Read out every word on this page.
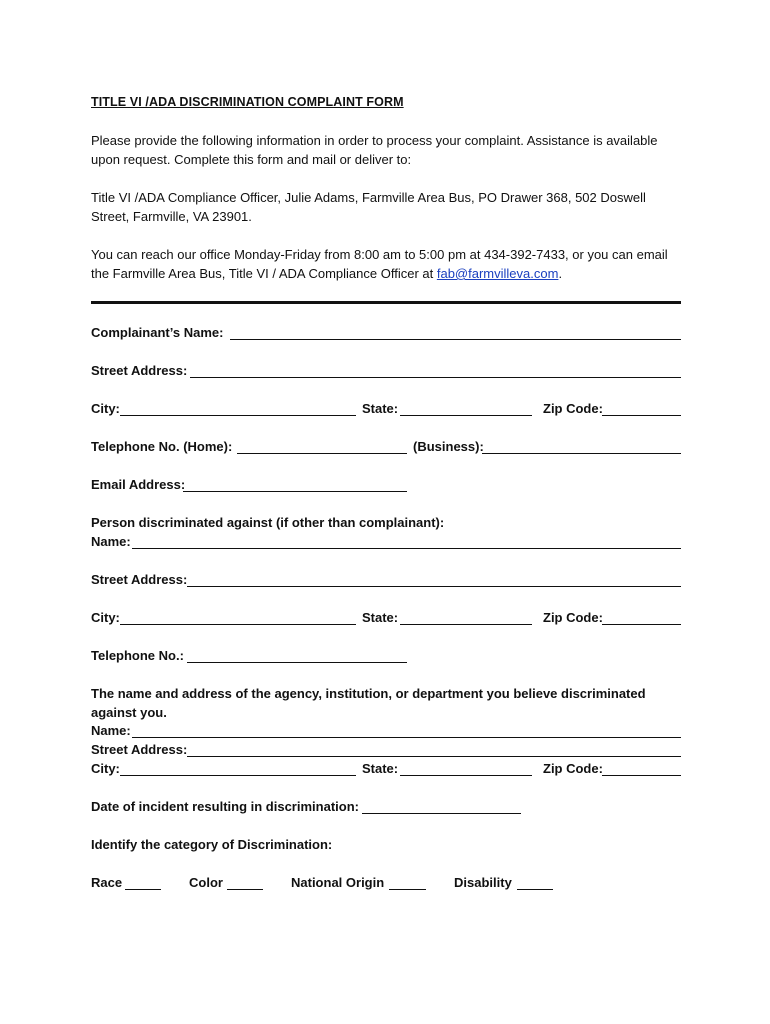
TITLE VI /ADA DISCRIMINATION COMPLAINT FORM
Please provide the following information in order to process your complaint. Assistance is available upon request. Complete this form and mail or deliver to:
Title VI /ADA Compliance Officer, Julie Adams, Farmville Area Bus, PO Drawer 368, 502 Doswell Street, Farmville, VA 23901.
You can reach our office Monday-Friday from 8:00 am to 5:00 pm at 434-392-7433, or you can email the Farmville Area Bus, Title VI / ADA Compliance Officer at fab@farmvilleva.com.
Complainant’s Name:
Street Address:
City:	State:	Zip Code:
Telephone No. (Home):	(Business):
Email Address:
Person discriminated against (if other than complainant):
Name:
Street Address:
City:	State:	Zip Code:
Telephone No.:
The name and address of the agency, institution, or department you believe discriminated
against you.
Name:
Street Address:
City:	State:	Zip Code:
Date of incident resulting in discrimination:
Identify the category of Discrimination:
Race	Color	National Origin	Disability
